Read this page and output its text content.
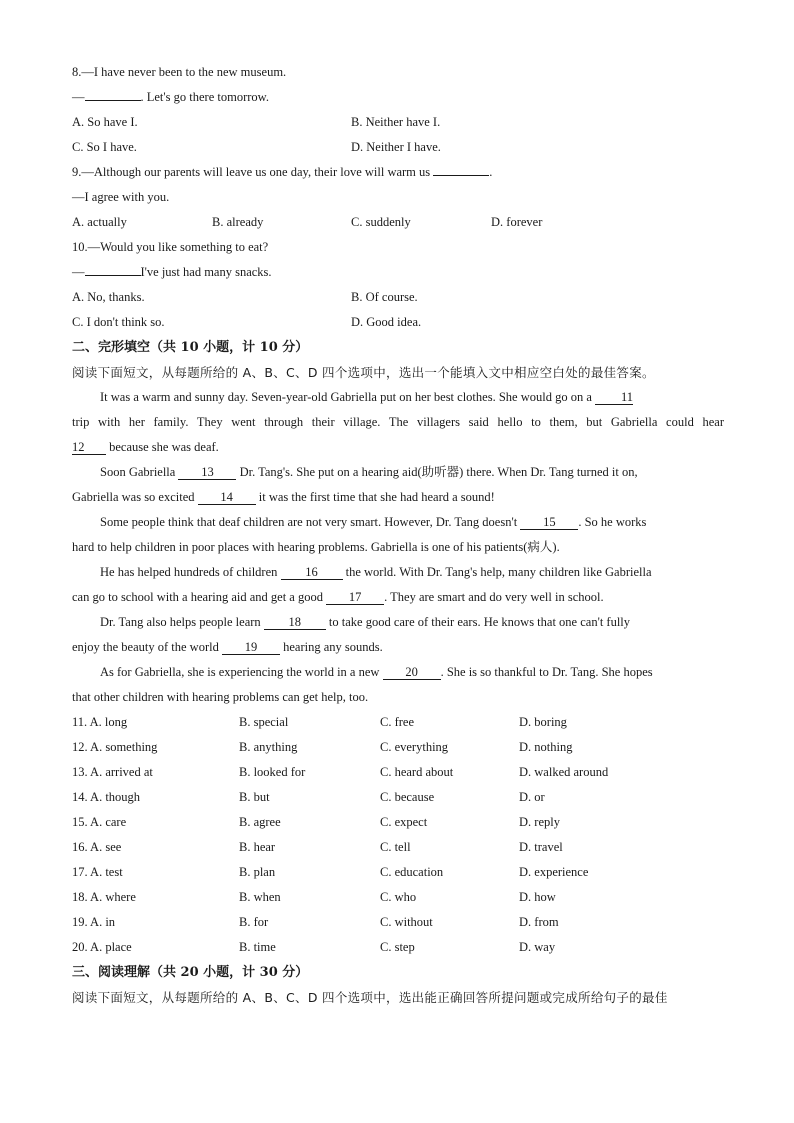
8.—I have never been to the new museum.
—	. Let's go there tomorrow.
A. So have I.	B. Neither have I.
C. So I have.	D. Neither I have.
9.—Although our parents will leave us one day, their love will warm us	.
—I agree with you.
A. actually	B. already	C. suddenly	D. forever
10.—Would you like something to eat?
—	I've just had many snacks.
A. No, thanks.	B. Of course.
C. I don't think so.	D. Good idea.
二、完形填空（共 10 小题，计 10 分）
阅读下面短文，从每题所给的 A、B、C、D 四个选项中，选出一个能填入文中相应空白处的最佳答案。
It was a warm and sunny day. Seven-year-old Gabriella put on her best clothes. She would go on a 11
trip with her family. They went through their village. The villagers said hello to them, but Gabriella could hear
12 because she was deaf.
Soon Gabriella 13 Dr. Tang's. She put on a hearing aid(助听器) there. When Dr. Tang turned it on,
Gabriella was so excited 14 it was the first time that she had heard a sound!
Some people think that deaf children are not very smart. However, Dr. Tang doesn't 15 . So he works
hard to help children in poor places with hearing problems. Gabriella is one of his patients(病人).
He has helped hundreds of children 16 the world. With Dr. Tang's help, many children like Gabriella
can go to school with a hearing aid and get a good 17 . They are smart and do very well in school.
Dr. Tang also helps people learn 18 to take good care of their ears. He knows that one can't fully
enjoy the beauty of the world 19 hearing any sounds.
As for Gabriella, she is experiencing the world in a new 20 . She is so thankful to Dr. Tang. She hopes
that other children with hearing problems can get help, too.
11. A. long	B. special	C. free	D. boring
12. A. something	B. anything	C. everything	D. nothing
13. A. arrived at	B. looked for	C. heard about	D. walked around
14. A. though	B. but	C. because	D. or
15. A. care	B. agree	C. expect	D. reply
16. A. see	B. hear	C. tell	D. travel
17. A. test	B. plan	C. education	D. experience
18. A. where	B. when	C. who	D. how
19. A. in	B. for	C. without	D. from
20. A. place	B. time	C. step	D. way
三、阅读理解（共 20 小题，计 30 分）
阅读下面短文，从每题所给的 A、B、C、D 四个选项中，选出能正确回答所提问题或完成所给句子的最佳
